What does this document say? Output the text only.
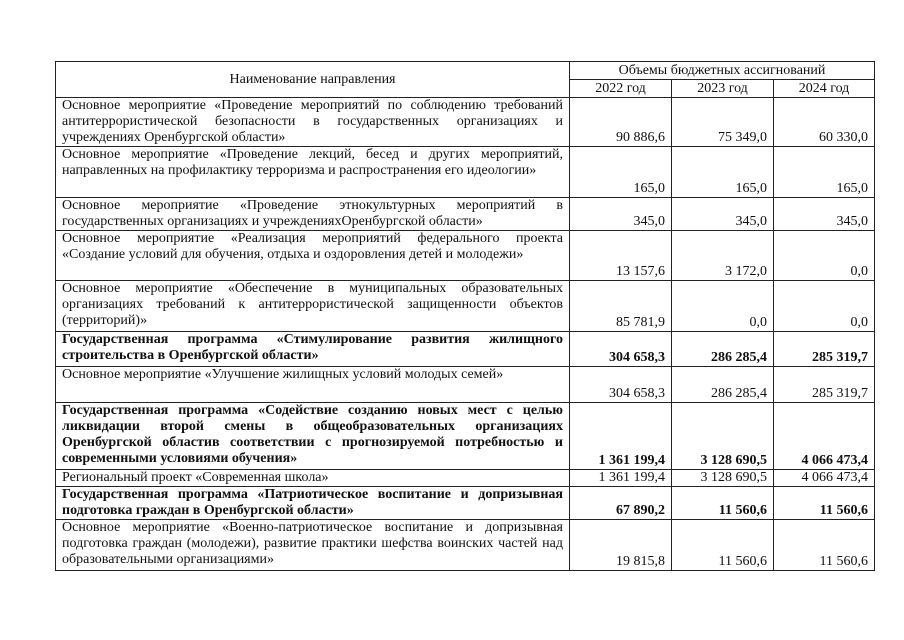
Наименование направления	Объемы бюджетных ассигнований		
	2022 год	2023 год	2024 год
Основное мероприятие «Проведение мероприятий по соблюдению требований антитеррористической безопасности в государственных организациях и учреждениях Оренбургской области»	90 886,6	75 349,0	60 330,0
Основное мероприятие «Проведение лекций, бесед и других мероприятий, направленных на профилактику терроризма и распространения его идеологии»	165,0	165,0	165,0
Основное мероприятие «Проведение этнокультурных мероприятий в государственных организациях и учрежденияхОренбургской области»	345,0	345,0	345,0
Основное мероприятие «Реализация мероприятий федерального проекта «Создание условий для обучения, отдыха и оздоровления детей и молодежи»	13 157,6	3 172,0	0,0
Основное мероприятие «Обеспечение в муниципальных образовательных организациях требований к антитеррористической защищенности объектов (территорий)»	85 781,9	0,0	0,0
Государственная программа «Стимулирование развития жилищного строительства в Оренбургской области»	304 658,3	286 285,4	285 319,7
Основное мероприятие «Улучшение жилищных условий молодых семей»	304 658,3	286 285,4	285 319,7
Государственная программа «Содействие созданию новых мест с целью ликвидации второй смены в общеобразовательных организациях Оренбургской областив соответствии с прогнозируемой потребностью и современными условиями обучения»	1 361 199,4	3 128 690,5	4 066 473,4
Региональный проект «Современная школа»	1 361 199,4	3 128 690,5	4 066 473,4
Государственная программа «Патриотическое воспитание и допризывная подготовка граждан в Оренбургской области»	67 890,2	11 560,6	11 560,6
Основное мероприятие «Военно-патриотическое воспитание и допризывная подготовка граждан (молодежи), развитие практики шефства воинских частей над образовательными организациями»	19 815,8	11 560,6	11 560,6
